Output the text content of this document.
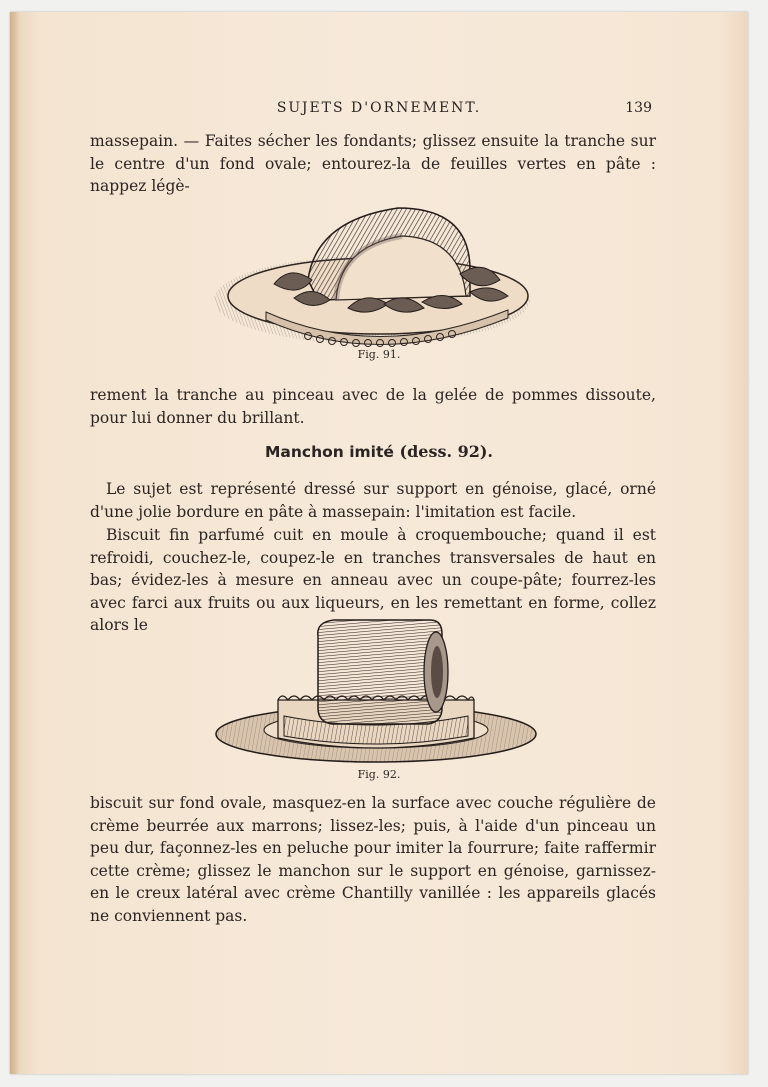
SUJETS D'ORNEMENT.	139

massepain. — Faites sécher les fondants; glissez ensuite la tranche sur le centre d'un fond ovale; entourez-la de feuilles vertes en pâte : nappez légè-

Fig. 91.

rement la tranche au pinceau avec de la gelée de pommes dissoute, pour lui donner du brillant.

Manchon imité (dess. 92).

Le sujet est représenté dressé sur support en génoise, glacé, orné d'une jolie bordure en pâte à massepain: l'imitation est facile.

Biscuit fin parfumé cuit en moule à croquembouche; quand il est refroidi, couchez-le, coupez-le en tranches transversales de haut en bas; évidez-les à mesure en anneau avec un coupe-pâte; fourrez-les avec farci aux fruits ou aux liqueurs, en les remettant en forme, collez alors le

Fig. 92.

biscuit sur fond ovale, masquez-en la surface avec couche régulière de crème beurrée aux marrons; lissez-les; puis, à l'aide d'un pinceau un peu dur, façonnez-les en peluche pour imiter la fourrure; faite raffermir cette crème; glissez le manchon sur le support en génoise, garnissez-en le creux latéral avec crème Chantilly vanillée : les appareils glacés ne conviennent pas.
